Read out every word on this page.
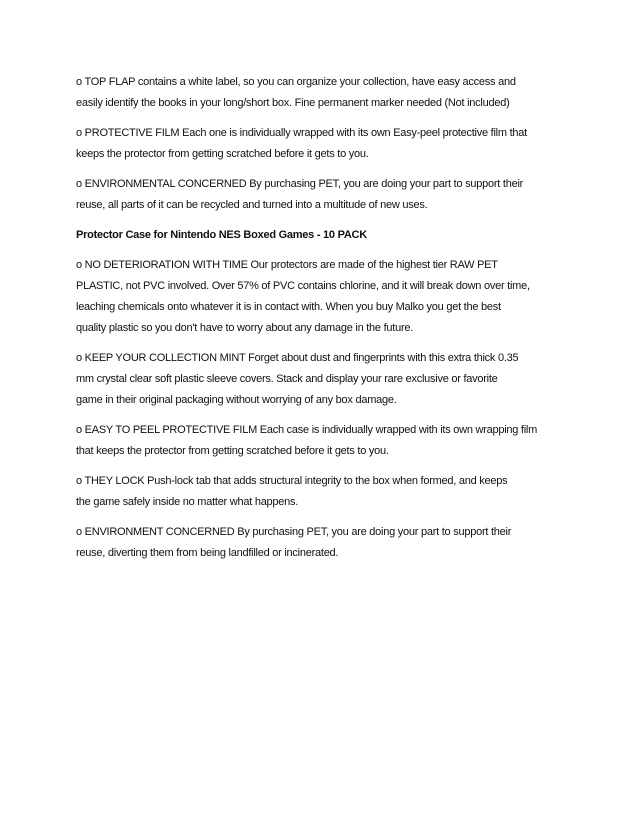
o TOP FLAP contains a white label, so you can organize your collection, have easy access and
easily identify the books in your long/short box. Fine permanent marker needed (Not included)
o PROTECTIVE FILM Each one is individually wrapped with its own Easy-peel protective film that
keeps the protector from getting scratched before it gets to you.
o ENVIRONMENTAL CONCERNED By purchasing PET, you are doing your part to support their
reuse, all parts of it can be recycled and turned into a multitude of new uses.
Protector Case for Nintendo NES Boxed Games - 10 PACK
o NO DETERIORATION WITH TIME Our protectors are made of the highest tier RAW PET
PLASTIC, not PVC involved. Over 57% of PVC contains chlorine, and it will break down over time,
leaching chemicals onto whatever it is in contact with. When you buy Malko you get the best
quality plastic so you don't have to worry about any damage in the future.
o KEEP YOUR COLLECTION MINT Forget about dust and fingerprints with this extra thick 0.35
mm crystal clear soft plastic sleeve covers. Stack and display your rare exclusive or favorite
game in their original packaging without worrying of any box damage.
o EASY TO PEEL PROTECTIVE FILM Each case is individually wrapped with its own wrapping film
that keeps the protector from getting scratched before it gets to you.
o THEY LOCK Push-lock tab that adds structural integrity to the box when formed, and keeps
the game safely inside no matter what happens.
o ENVIRONMENT CONCERNED By purchasing PET, you are doing your part to support their
reuse, diverting them from being landfilled or incinerated.
